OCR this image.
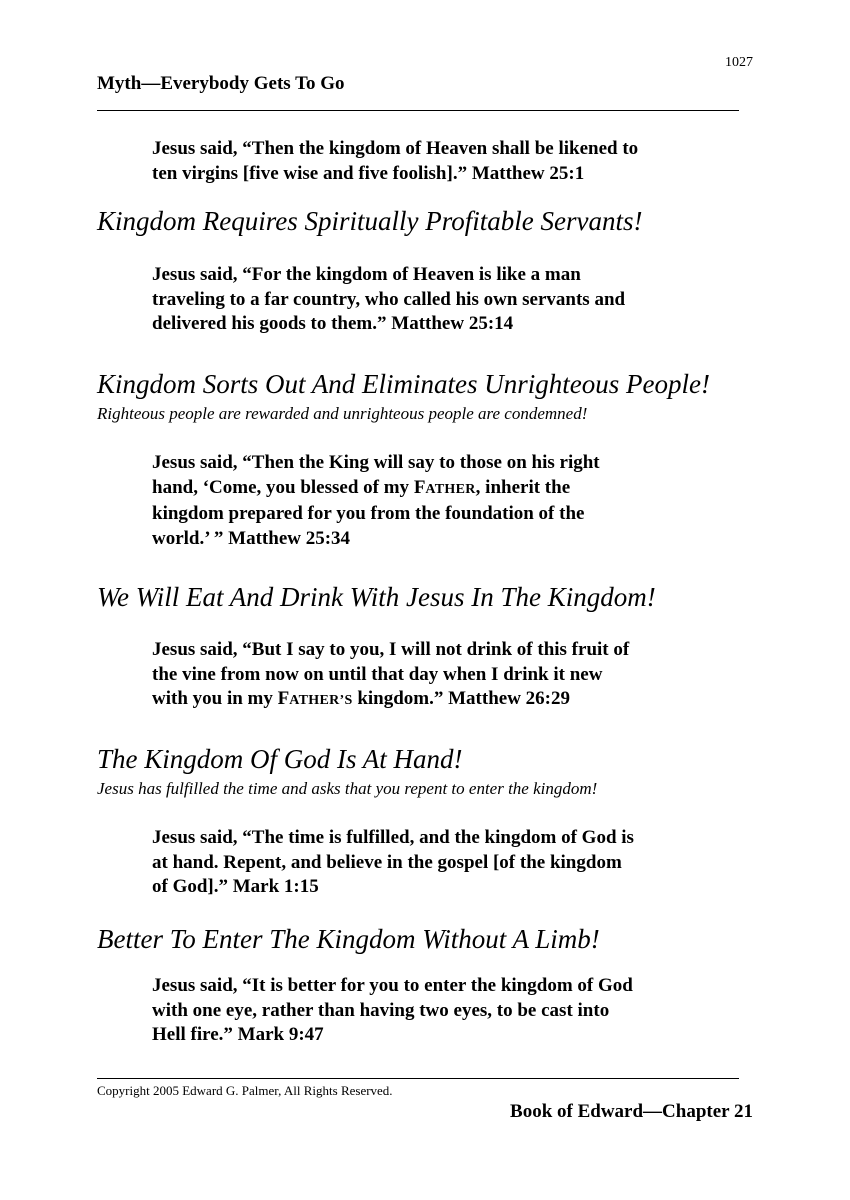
1027
Myth—Everybody Gets To Go
Jesus said, “Then the kingdom of Heaven shall be likened to
ten virgins [five wise and five foolish].” Matthew 25:1
Kingdom Requires Spiritually Profitable Servants!
Jesus said, “For the kingdom of Heaven is like a man
traveling to a far country, who called his own servants and
delivered his goods to them.” Matthew 25:14
Kingdom Sorts Out And Eliminates Unrighteous People!
Righteous people are rewarded and unrighteous people are condemned!
Jesus said, “Then the King will say to those on his right
hand, ‘Come, you blessed of my FATHER, inherit the
kingdom prepared for you from the foundation of the
world.’ ” Matthew 25:34
We Will Eat And Drink With Jesus In The Kingdom!
Jesus said, “But I say to you, I will not drink of this fruit of
the vine from now on until that day when I drink it new
with you in my FATHER’S kingdom.” Matthew 26:29
The Kingdom Of God Is At Hand!
Jesus has fulfilled the time and asks that you repent to enter the kingdom!
Jesus said, “The time is fulfilled, and the kingdom of God is
at hand. Repent, and believe in the gospel [of the kingdom
of God].” Mark 1:15
Better To Enter The Kingdom Without A Limb!
Jesus said, “It is better for you to enter the kingdom of God
with one eye, rather than having two eyes, to be cast into
Hell fire.” Mark 9:47
Copyright 2005 Edward G. Palmer, All Rights Reserved.
Book of Edward—Chapter 21
